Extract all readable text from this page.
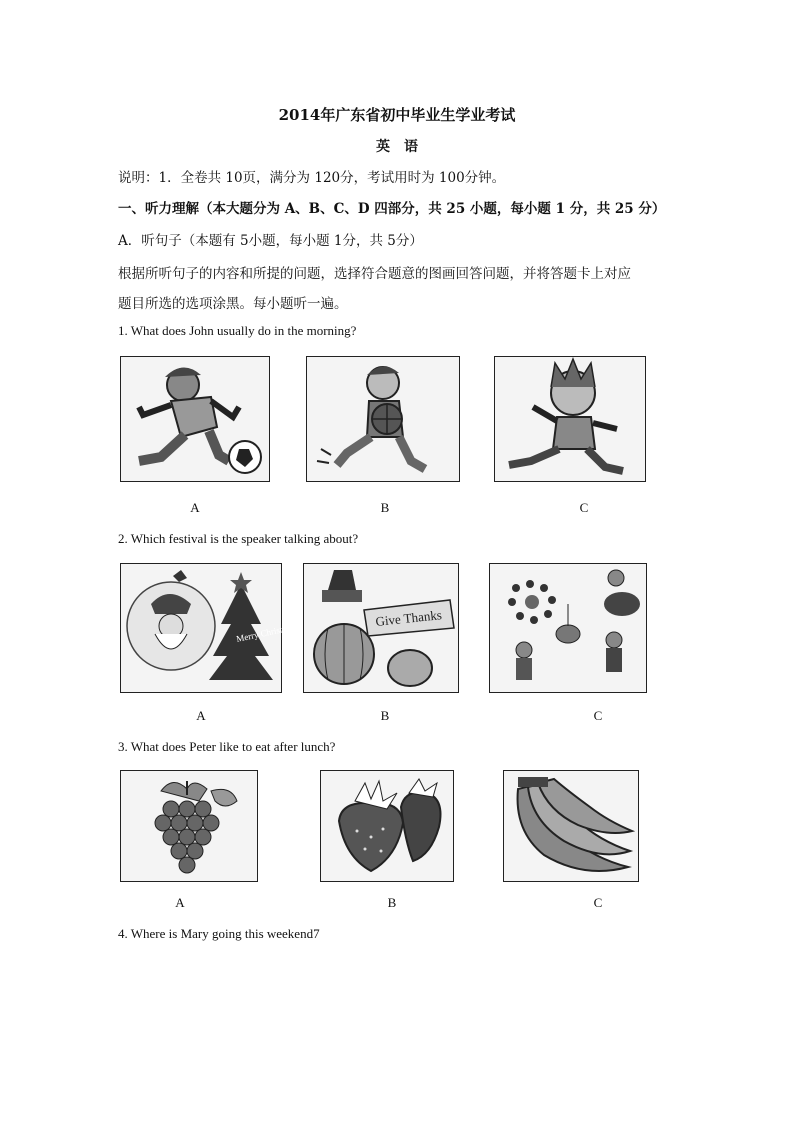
2014年广东省初中毕业生学业考试
英　语
说明：1．全卷共 10页，满分为 120分，考试用时为 100分钟。
一、听力理解（本大题分为 A、B、C、D 四部分，共 25 小题，每小题 1 分，共 25 分）
A．听句子（本题有 5小题，每小题 1分，共 5分）
根据所听句子的内容和所提的问题，选择符合题意的图画回答问题，并将答题卡上对应
题目所选的选项涂黑。每小题听一遍。
1. What does John usually do in the morning?
A	B	C
2. Which festival is the speaker talking about?
Merry Christmas
Give Thanks
A	B	C
3. What does Peter like to eat after lunch?
A	B	C
4. Where is Mary going this weekend7
